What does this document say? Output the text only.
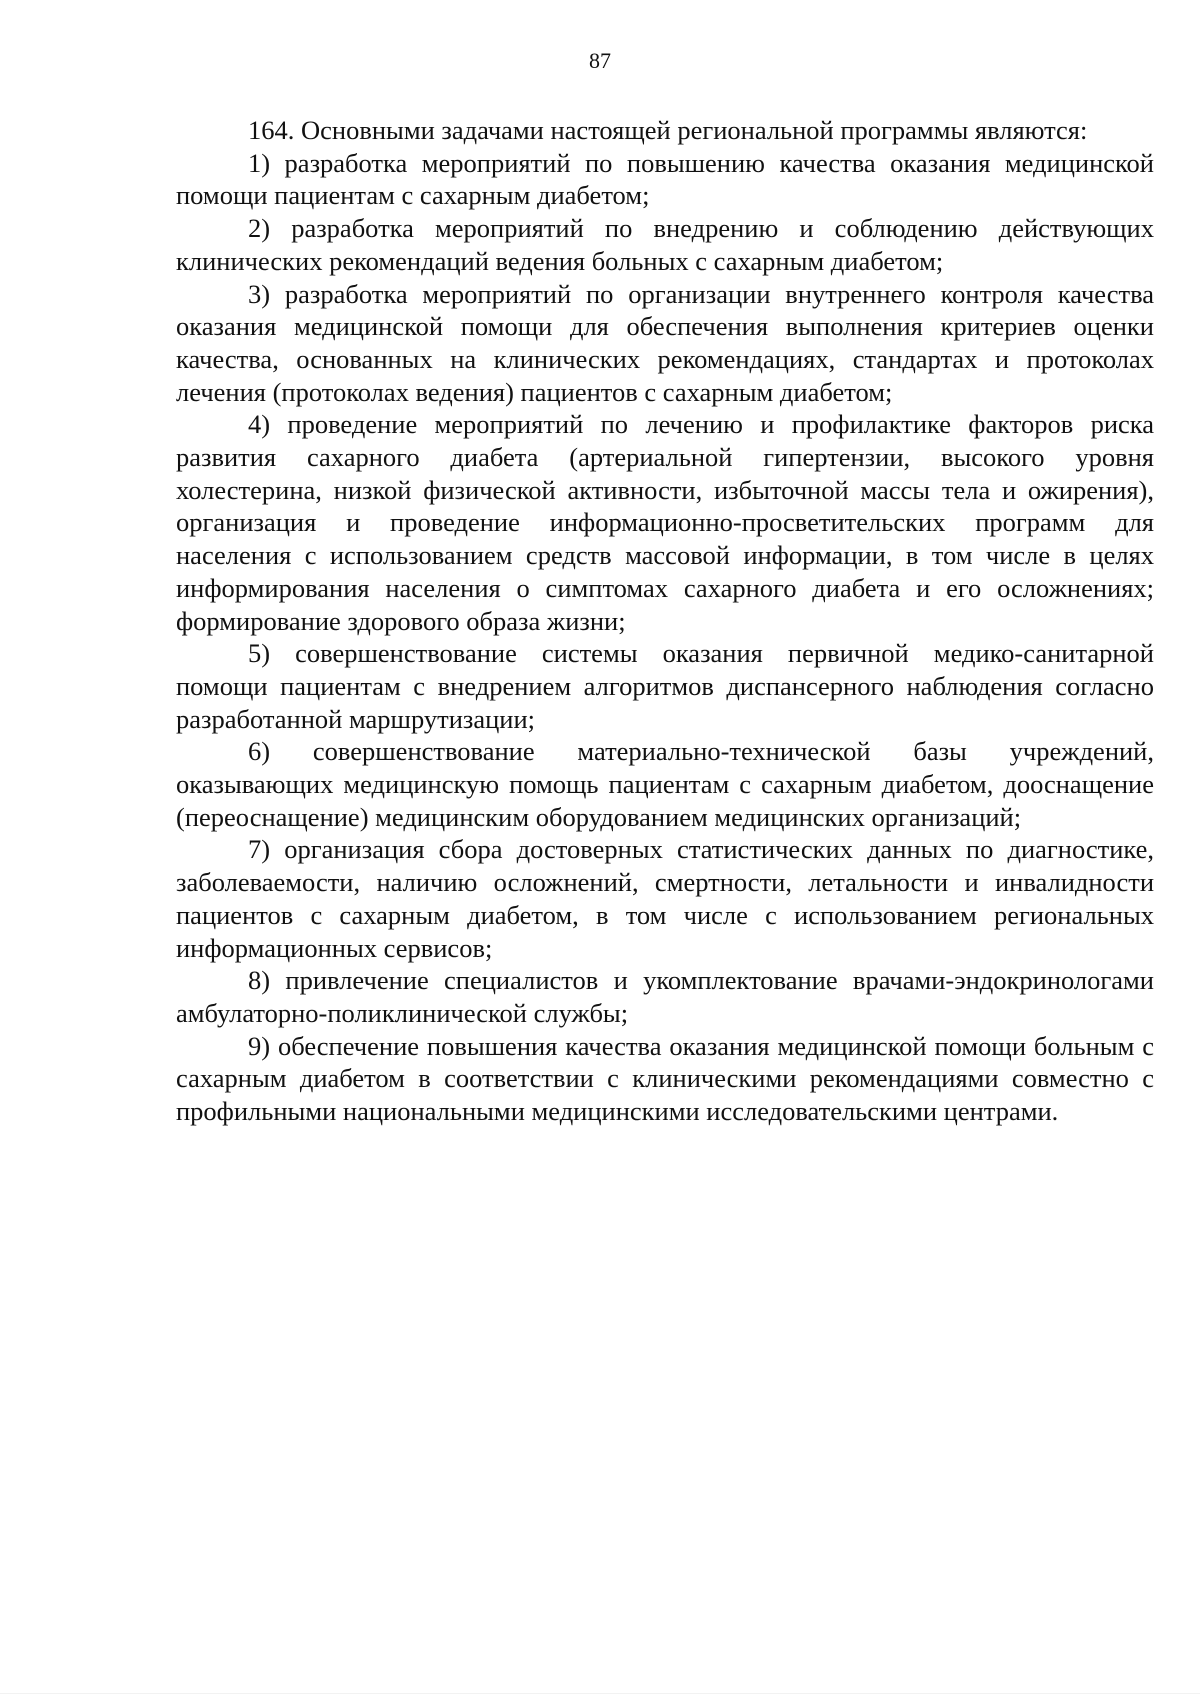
87

164. Основными задачами настоящей региональной программы являются:

1) разработка мероприятий по повышению качества оказания медицинской помощи пациентам с сахарным диабетом;

2) разработка мероприятий по внедрению и соблюдению действующих клинических рекомендаций ведения больных с сахарным диабетом;

3) разработка мероприятий по организации внутреннего контроля качества оказания медицинской помощи для обеспечения выполнения критериев оценки качества, основанных на клинических рекомендациях, стандартах и протоколах лечения (протоколах ведения) пациентов с сахарным диабетом;

4) проведение мероприятий по лечению и профилактике факторов риска развития сахарного диабета (артериальной гипертензии, высокого уровня холестерина, низкой физической активности, избыточной массы тела и ожирения), организация и проведение информационно-просветительских программ для населения с использованием средств массовой информации, в том числе в целях информирования населения о симптомах сахарного диабета и его осложнениях; формирование здорового образа жизни;

5) совершенствование системы оказания первичной медико-санитарной помощи пациентам с внедрением алгоритмов диспансерного наблюдения согласно разработанной маршрутизации;

6) совершенствование материально-технической базы учреждений, оказывающих медицинскую помощь пациентам с сахарным диабетом, дооснащение (переоснащение) медицинским оборудованием медицинских организаций;

7) организация сбора достоверных статистических данных по диагностике, заболеваемости, наличию осложнений, смертности, летальности и инвалидности пациентов с сахарным диабетом, в том числе с использованием региональных информационных сервисов;

8) привлечение специалистов и укомплектование врачами-эндокринологами амбулаторно-поликлинической службы;

9) обеспечение повышения качества оказания медицинской помощи больным с сахарным диабетом в соответствии с клиническими рекомендациями совместно с профильными национальными медицинскими исследовательскими центрами.
